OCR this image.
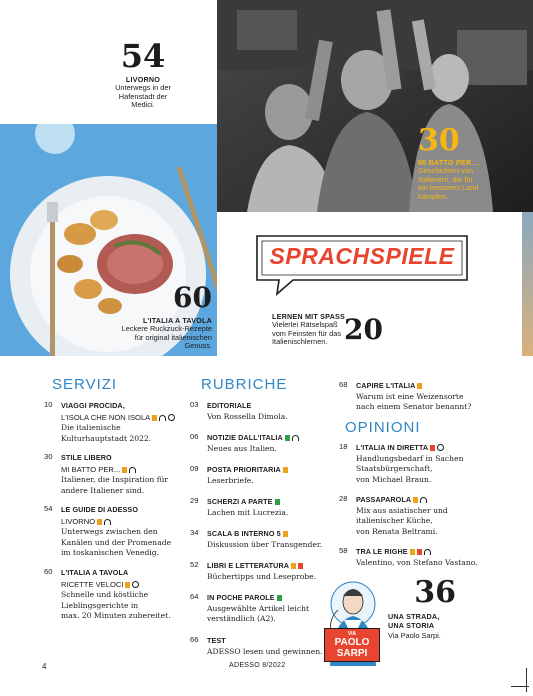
54
LIVORNO
Unterwegs in der
Hafenstadt der
Medici.
30
MI BATTO PER ...
Geschichten von
Italienern, die für
ein besseres Land
kämpfen.
60
L'ITALIA A TAVOLA
Leckere Ruckzuck-Rezepte
für original italienischen
Genuss.
SPRACHSPIELE
LERNEN MIT SPASS
Vielerlei Rätselspaß
vom Feinsten für das
Italienischlernen. 20
SERVIZI	RUBRICHE
OPINIONI
10 VIAGGI PROCIDA,
L'ISOLA CHE NON ISOLA
Die italienische
Kulturhauptstadt 2022.
30 STILE LIBERO
MI BATTO PER...
Italiener, die Inspiration für
andere Italiener sind.
54 LE GUIDE DI ADESSO
LIVORNO
Unterwegs zwischen den
Kanälen und der Promenade
im toskanischen Venedig.
60 L'ITALIA A TAVOLA
RICETTE VELOCI
Schnelle und köstliche
Lieblingsgerichte in
max. 20 Minuten zubereitet.
03 EDITORIALE
Von Rossella Dimola.
06 NOTIZIE DALL'ITALIA
Neues aus Italien.
09 POSTA PRIORITARIA
Leserbriefe.
29 SCHERZI A PARTE
Lachen mit Lucrezia.
34 SCALA B INTERNO 5
Diskussion über Transgender.
52 LIBRI E LETTERATURA
Büchertipps und Leseprobe.
64 IN POCHE PAROLE
Ausgewählte Artikel leicht
verständlich (A2).
66 TEST
ADESSO lesen und gewinnen.
68 CAPIRE L'ITALIA
Warum ist eine Weizensorte
nach einem Senator benannt?
18 L'ITALIA IN DIRETTA
Handlungsbedarf in Sachen
Staatsbürgerschaft,
von Michael Braun.
28 PASSAPAROLA
Mix aus asiatischer und
italienischer Küche,
von Renata Beltrami.
58 TRA LE RIGHE
Valentino, von Stefano Vastano.
VIA
PAOLO
SARPI
36
UNA STRADA,
UNA STORIA
Via Paolo Sarpi.
4	ADESSO 8/2022
